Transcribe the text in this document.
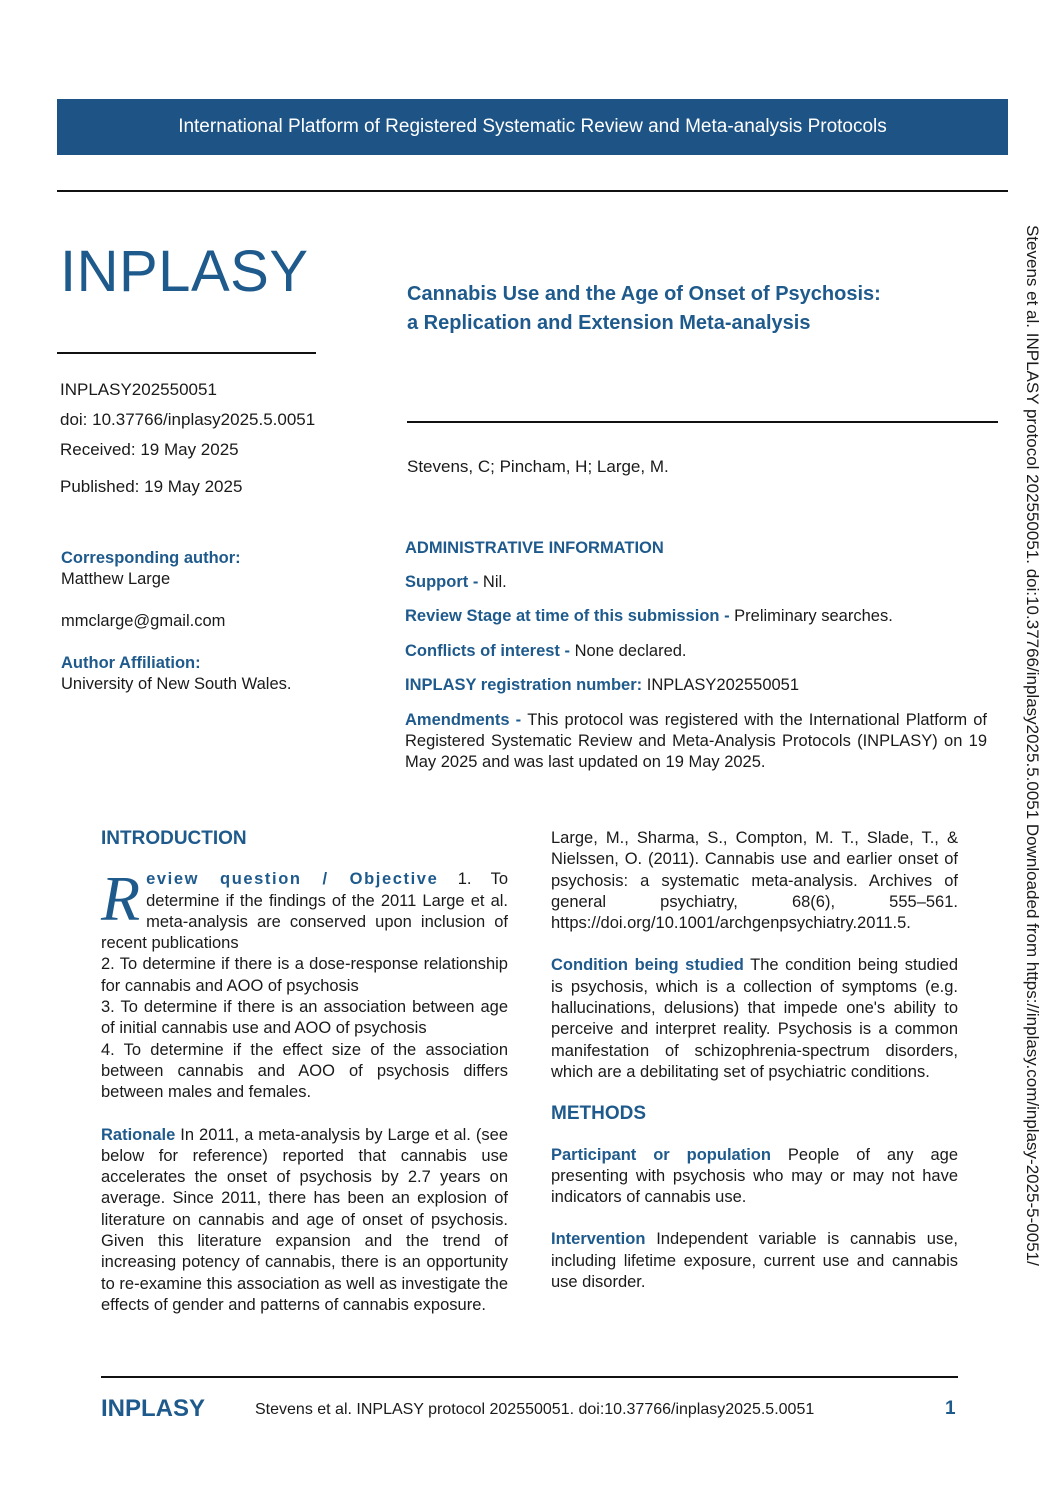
International Platform of Registered Systematic Review and Meta-analysis Protocols
INPLASY	Cannabis Use and the Age of Onset of Psychosis:
a Replication and Extension Meta-analysis
INPLASY202550051
doi: 10.37766/inplasy2025.5.0051
Received: 19 May 2025
Published: 19 May 2025
Stevens, C; Pincham, H; Large, M.
Corresponding author:
Matthew Large
mmclarge@gmail.com
Author Affiliation:
University of New South Wales.
ADMINISTRATIVE INFORMATION
Support - Nil.
Review Stage at time of this submission - Preliminary searches.
Conflicts of interest - None declared.
INPLASY registration number: INPLASY202550051
Amendments - This protocol was registered with the International Platform of Registered Systematic Review and Meta-Analysis Protocols (INPLASY) on 19 May 2025 and was last updated on 19 May 2025.
INTRODUCTION

Review question / Objective 1. To determine if the findings of the 2011 Large et al. meta-analysis are conserved upon inclusion of recent publications

2. To determine if there is a dose-response relationship for cannabis and AOO of psychosis

3. To determine if there is an association between age of initial cannabis use and AOO of psychosis

4. To determine if the effect size of the association between cannabis and AOO of psychosis differs between males and females.

Rationale In 2011, a meta-analysis by Large et al. (see below for reference) reported that cannabis use accelerates the onset of psychosis by 2.7 years on average. Since 2011, there has been an explosion of literature on cannabis and age of onset of psychosis. Given this literature expansion and the trend of increasing potency of cannabis, there is an opportunity to re-examine this association as well as investigate the effects of gender and patterns of cannabis exposure.

Large, M., Sharma, S., Compton, M. T., Slade, T., & Nielssen, O. (2011). Cannabis use and earlier onset of psychosis: a systematic meta-analysis. Archives of general psychiatry, 68(6), 555–561. https://doi.org/10.1001/archgenpsychiatry.2011.5.

Condition being studied The condition being studied is psychosis, which is a collection of symptoms (e.g. hallucinations, delusions) that impede one's ability to perceive and interpret reality. Psychosis is a common manifestation of schizophrenia-spectrum disorders, which are a debilitating set of psychiatric conditions.

METHODS

Participant or population People of any age presenting with psychosis who may or may not have indicators of cannabis use.

Intervention Independent variable is cannabis use, including lifetime exposure, current use and cannabis use disorder.

Stevens et al. INPLASY protocol 202550051. doi:10.37766/inplasy2025.5.0051 Downloaded from https://inplasy.com/inplasy-2025-5-0051/
INPLASY	Stevens et al. INPLASY protocol 202550051. doi:10.37766/inplasy2025.5.0051	1
